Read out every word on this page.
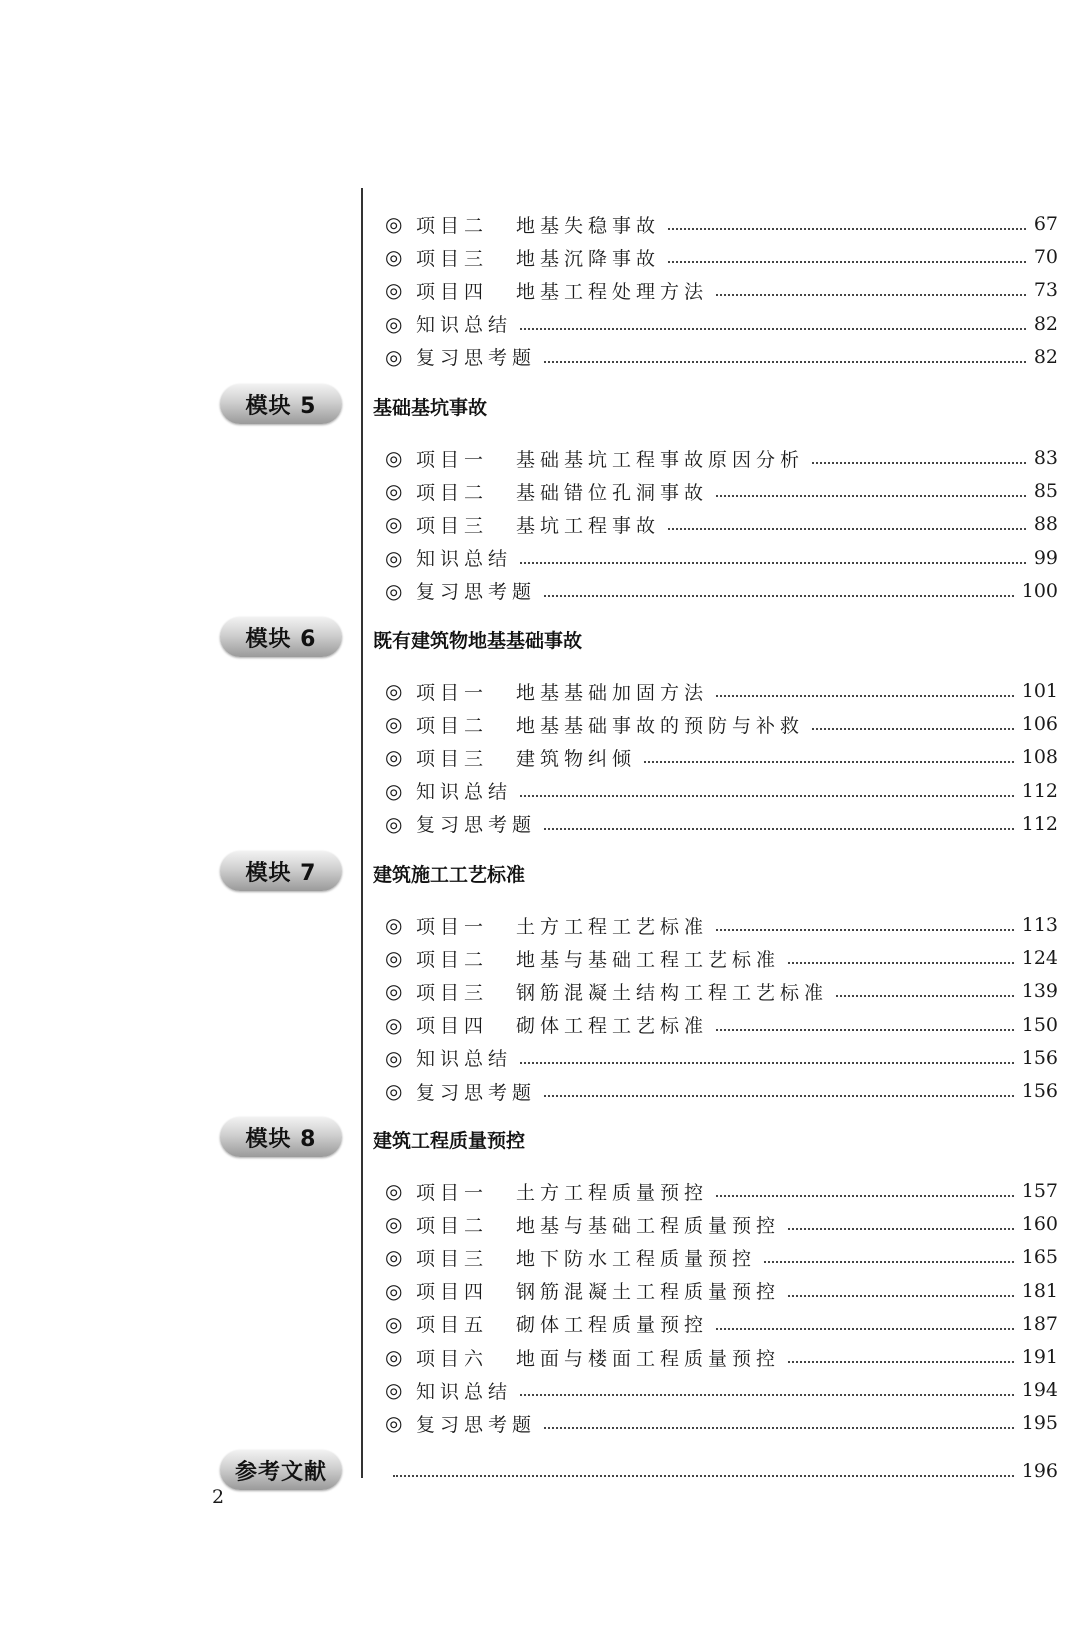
◎ 项目二 地基失稳事故	67
◎ 项目三 地基沉降事故	70
◎ 项目四 地基工程处理方法	73
◎ 知识总结	82
◎ 复习思考题	82
模块 5	基础基坑事故
◎ 项目一 基础基坑工程事故原因分析	83
◎ 项目二 基础错位孔洞事故	85
◎ 项目三 基坑工程事故	88
◎ 知识总结	99
◎ 复习思考题	100
模块 6	既有建筑物地基基础事故
◎ 项目一 地基基础加固方法	101
◎ 项目二 地基基础事故的预防与补救	106
◎ 项目三 建筑物纠倾	108
◎ 知识总结	112
◎ 复习思考题	112
模块 7	建筑施工工艺标准
◎ 项目一 土方工程工艺标准	113
◎ 项目二 地基与基础工程工艺标准	124
◎ 项目三 钢筋混凝土结构工程工艺标准	139
◎ 项目四 砌体工程工艺标准	150
◎ 知识总结	156
◎ 复习思考题	156
模块 8	建筑工程质量预控
◎ 项目一 土方工程质量预控	157
◎ 项目二 地基与基础工程质量预控	160
◎ 项目三 地下防水工程质量预控	165
◎ 项目四 钢筋混凝土工程质量预控	181
◎ 项目五 砌体工程质量预控	187
◎ 项目六 地面与楼面工程质量预控	191
◎ 知识总结	194
◎ 复习思考题	195
参考文献	196
2
